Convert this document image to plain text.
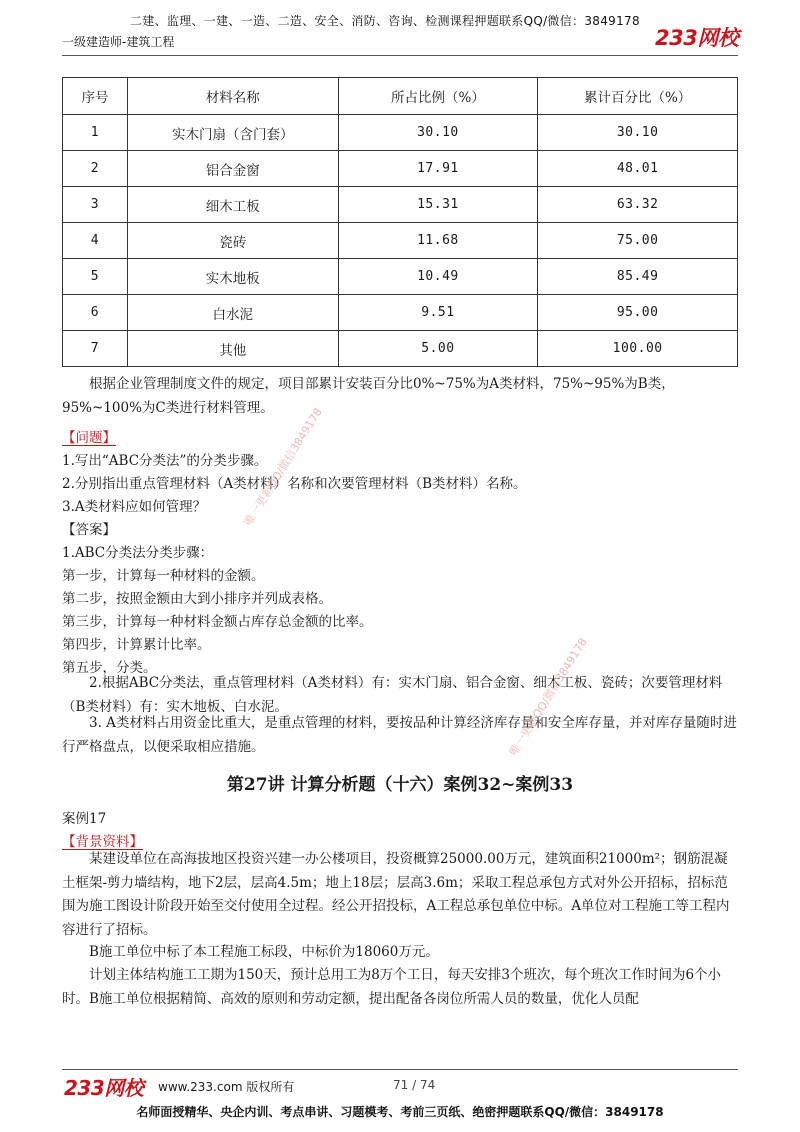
二建、监理、一建、一造、二造、安全、消防、咨询、检测课程押题联系QQ/微信：3849178
一级建造师-建筑工程	233网校
序号	材料名称	所占比例（%）	累计百分比（%）
1	实木门扇（含门套）	30.10	30.10
2	铝合金窗	17.91	48.01
3	细木工板	15.31	63.32
4	瓷砖	11.68	75.00
5	实木地板	10.49	85.49
6	白水泥	9.51	95.00
7	其他	5.00	100.00

根据企业管理制度文件的规定，项目部累计安装百分比0%~75%为A类材料，75%~95%为B类，95%~100%为C类进行材料管理。

【问题】
1.写出“ABC分类法”的分类步骤。
2.分别指出重点管理材料（A类材料）名称和次要管理材料（B类材料）名称。
3.A类材料应如何管理？
【答案】
1.ABC分类法分类步骤：
第一步，计算每一种材料的金额。
第二步，按照金额由大到小排序并列成表格。
第三步，计算每一种材料金额占库存总金额的比率。
第四步，计算累计比率。
第五步，分类。

2.根据ABC分类法，重点管理材料（A类材料）有：实木门扇、铝合金窗、细木工板、瓷砖；次要管理材料（B类材料）有：实木地板、白水泥。

3. A类材料占用资金比重大，是重点管理的材料，要按品种计算经济库存量和安全库存量，并对库存量随时进行严格盘点，以便采取相应措施。

第27讲 计算分析题（十六）案例32~案例33
案例17
【背景资料】

某建设单位在高海拔地区投资兴建一办公楼项目，投资概算25000.00万元，建筑面积21000m²；钢筋混凝土框架-剪力墙结构，地下2层，层高4.5m；地上18层；层高3.6m；采取工程总承包方式对外公开招标，招标范围为施工图设计阶段开始至交付使用全过程。经公开招投标，A工程总承包单位中标。A单位对工程施工等工程内容进行了招标。

B施工单位中标了本工程施工标段，中标价为18060万元。

计划主体结构施工工期为150天，预计总用工为8万个工日，每天安排3个班次，每个班次工作时间为6个小时。B施工单位根据精简、高效的原则和劳动定额，提出配备各岗位所需人员的数量，优化人员配

唯一更新QQ/微信3849178
唯一更新QQ/微信3849178
233网校 www.233.com 版权所有	71 / 74
名师面授精华、央企内训、考点串讲、习题模考、考前三页纸、绝密押题联系QQ/微信：3849178
